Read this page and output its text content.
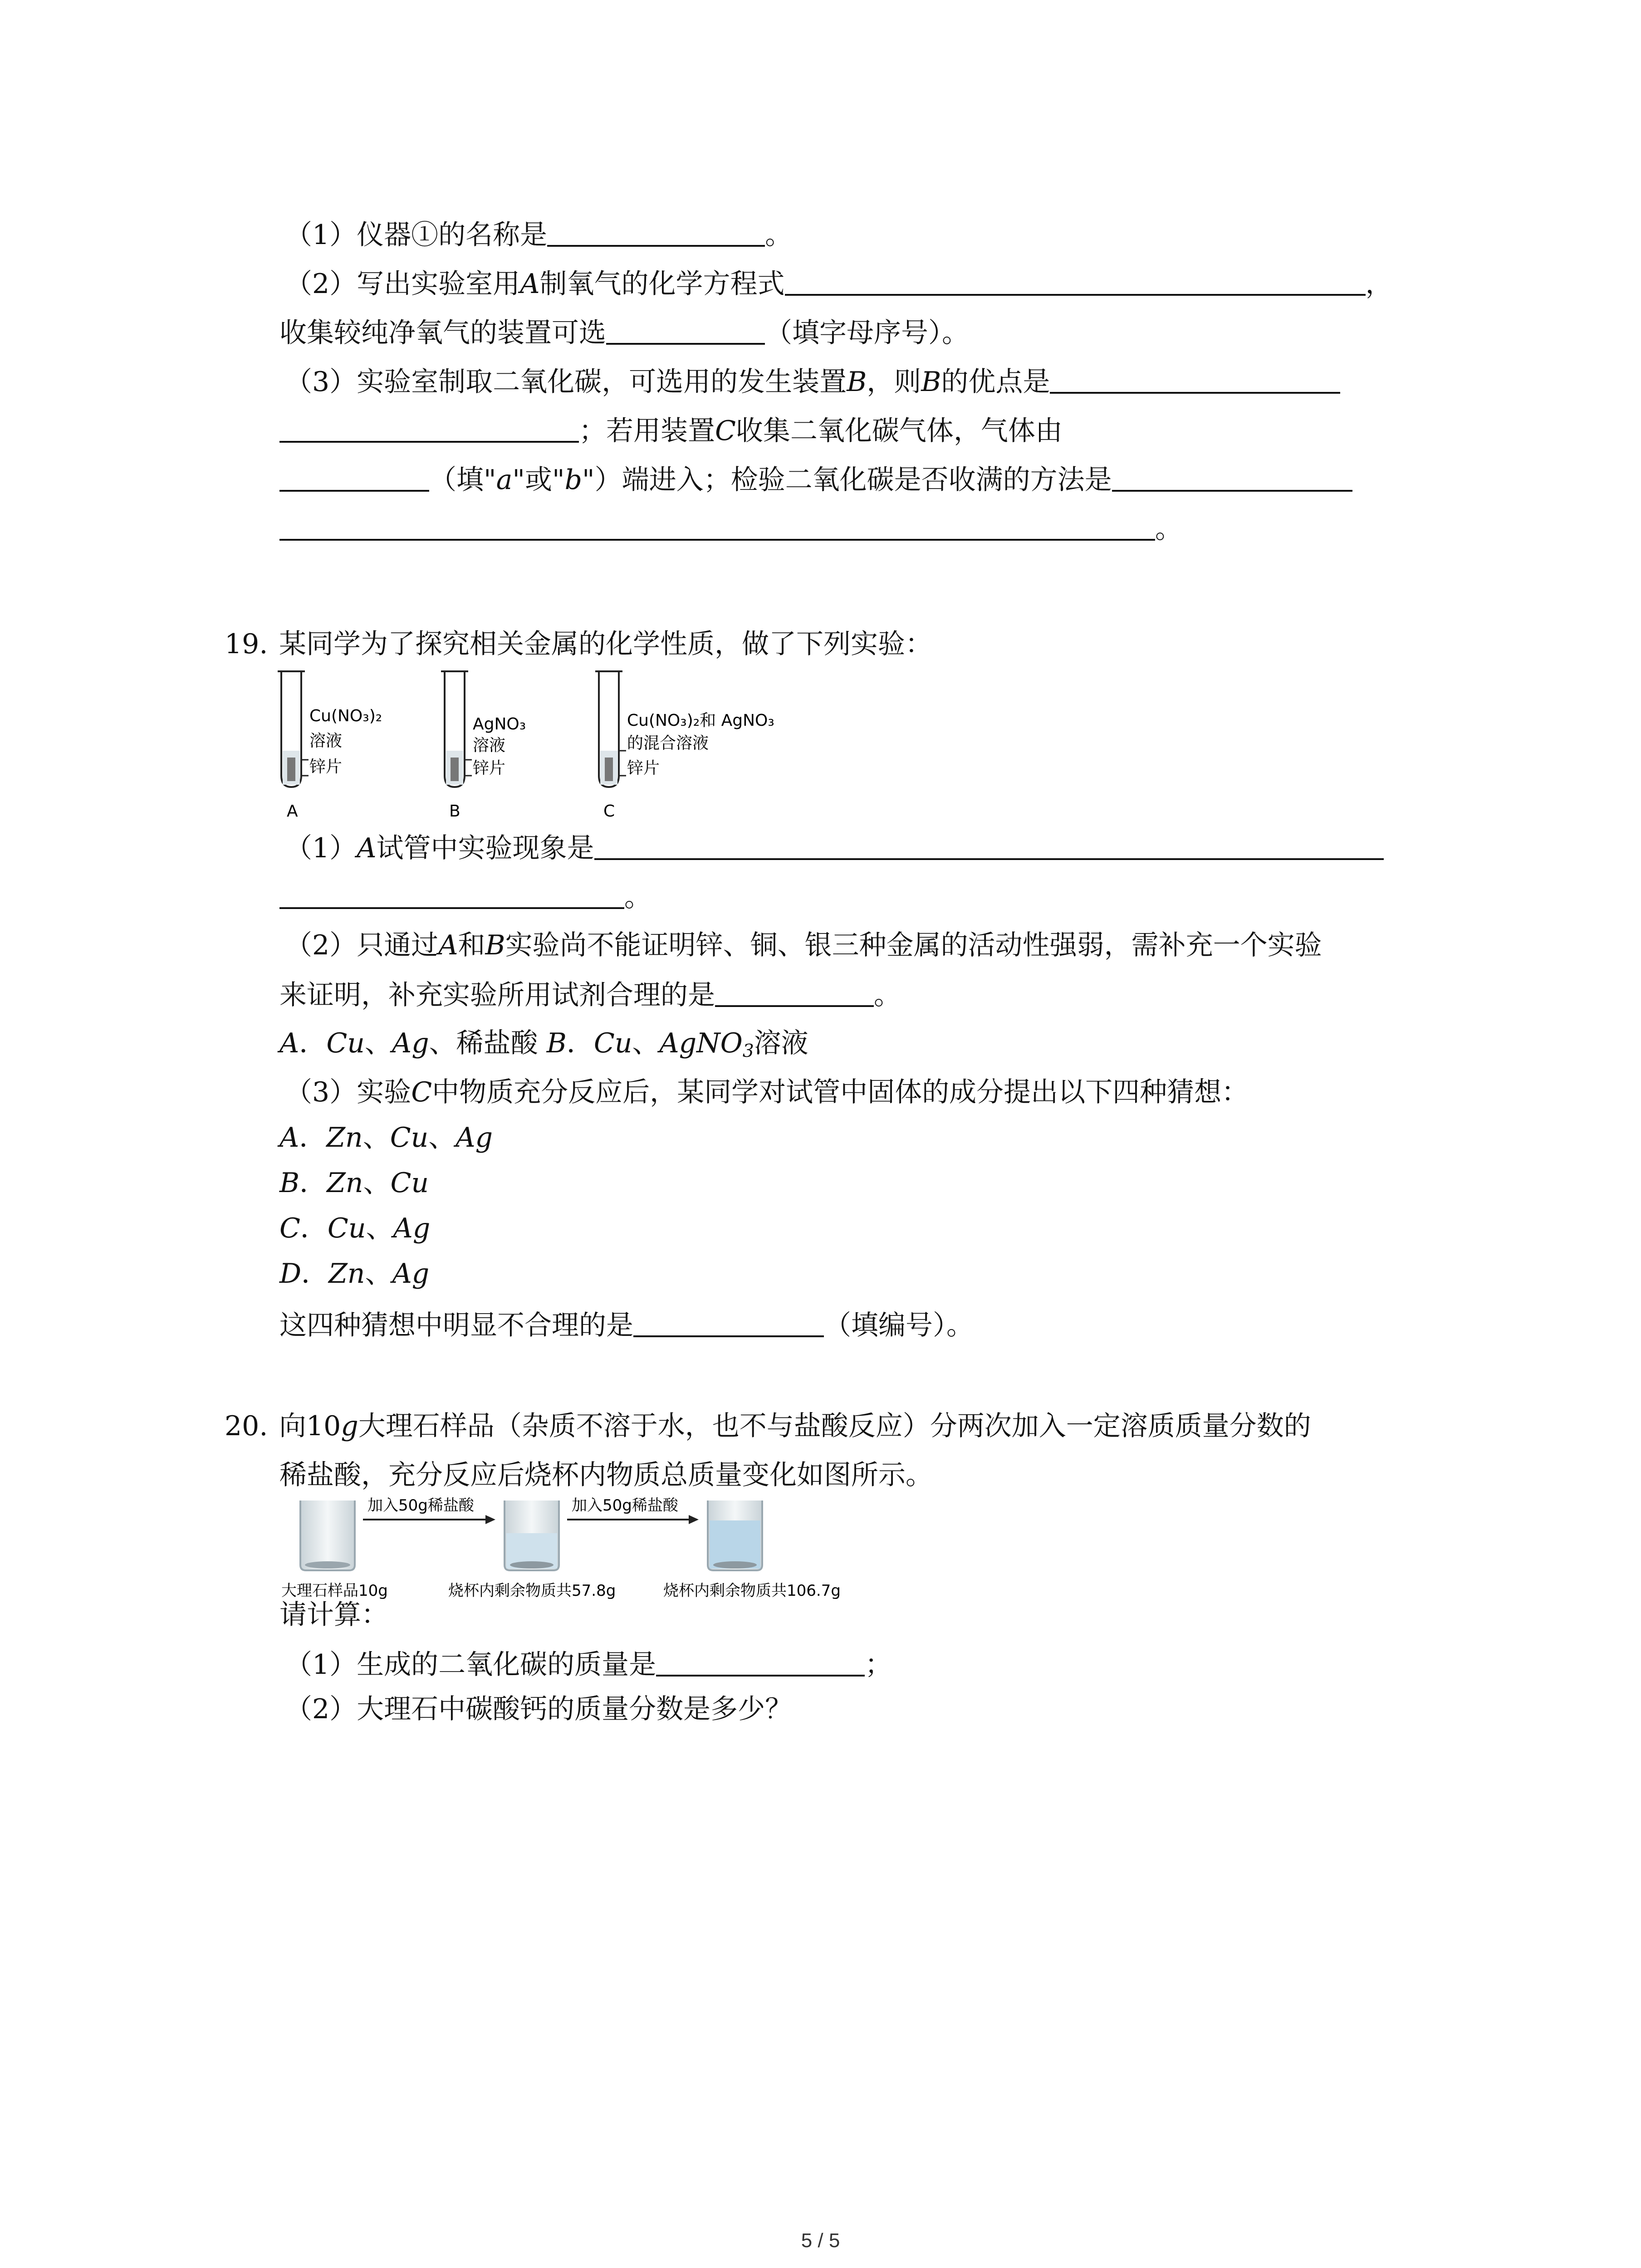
（1）仪器①的名称是	。
（2）写出实验室用A制氧气的化学方程式	，
收集较纯净氧气的装置可选	（填字母序号）。
（3）实验室制取二氧化碳，可选用的发生装置B，则B的优点是
；若用装置C收集二氧化碳气体，气体由
（填"a"或"b"）端进入；检验二氧化碳是否收满的方法是
。
19. 某同学为了探究相关金属的化学性质，做了下列实验：
Cu(NO₃)₂
溶液
锌片
A
AgNO₃
溶液
锌片
B
Cu(NO₃)₂和 AgNO₃
的混合溶液
锌片
C
（1）A试管中实验现象是
。
（2）只通过A和B实验尚不能证明锌、铜、银三种金属的活动性强弱，需补充一个实验
来证明，补充实验所用试剂合理的是	。
A．Cu、Ag、稀盐酸 B．Cu、AgNO$_3$溶液
（3）实验C中物质充分反应后，某同学对试管中固体的成分提出以下四种猜想：
A．Zn、Cu、Ag
B．Zn、Cu
C．Cu、Ag
D．Zn、Ag
这四种猜想中明显不合理的是	（填编号）。
20. 向10g大理石样品（杂质不溶于水，也不与盐酸反应）分两次加入一定溶质质量分数的
稀盐酸，充分反应后烧杯内物质总质量变化如图所示。
加入50g稀盐酸	加入50g稀盐酸
大理石样品10g	烧杯内剩余物质共57.8g	烧杯内剩余物质共106.7g
请计算：
（1）生成的二氧化碳的质量是	；
（2）大理石中碳酸钙的质量分数是多少？
5 / 5
